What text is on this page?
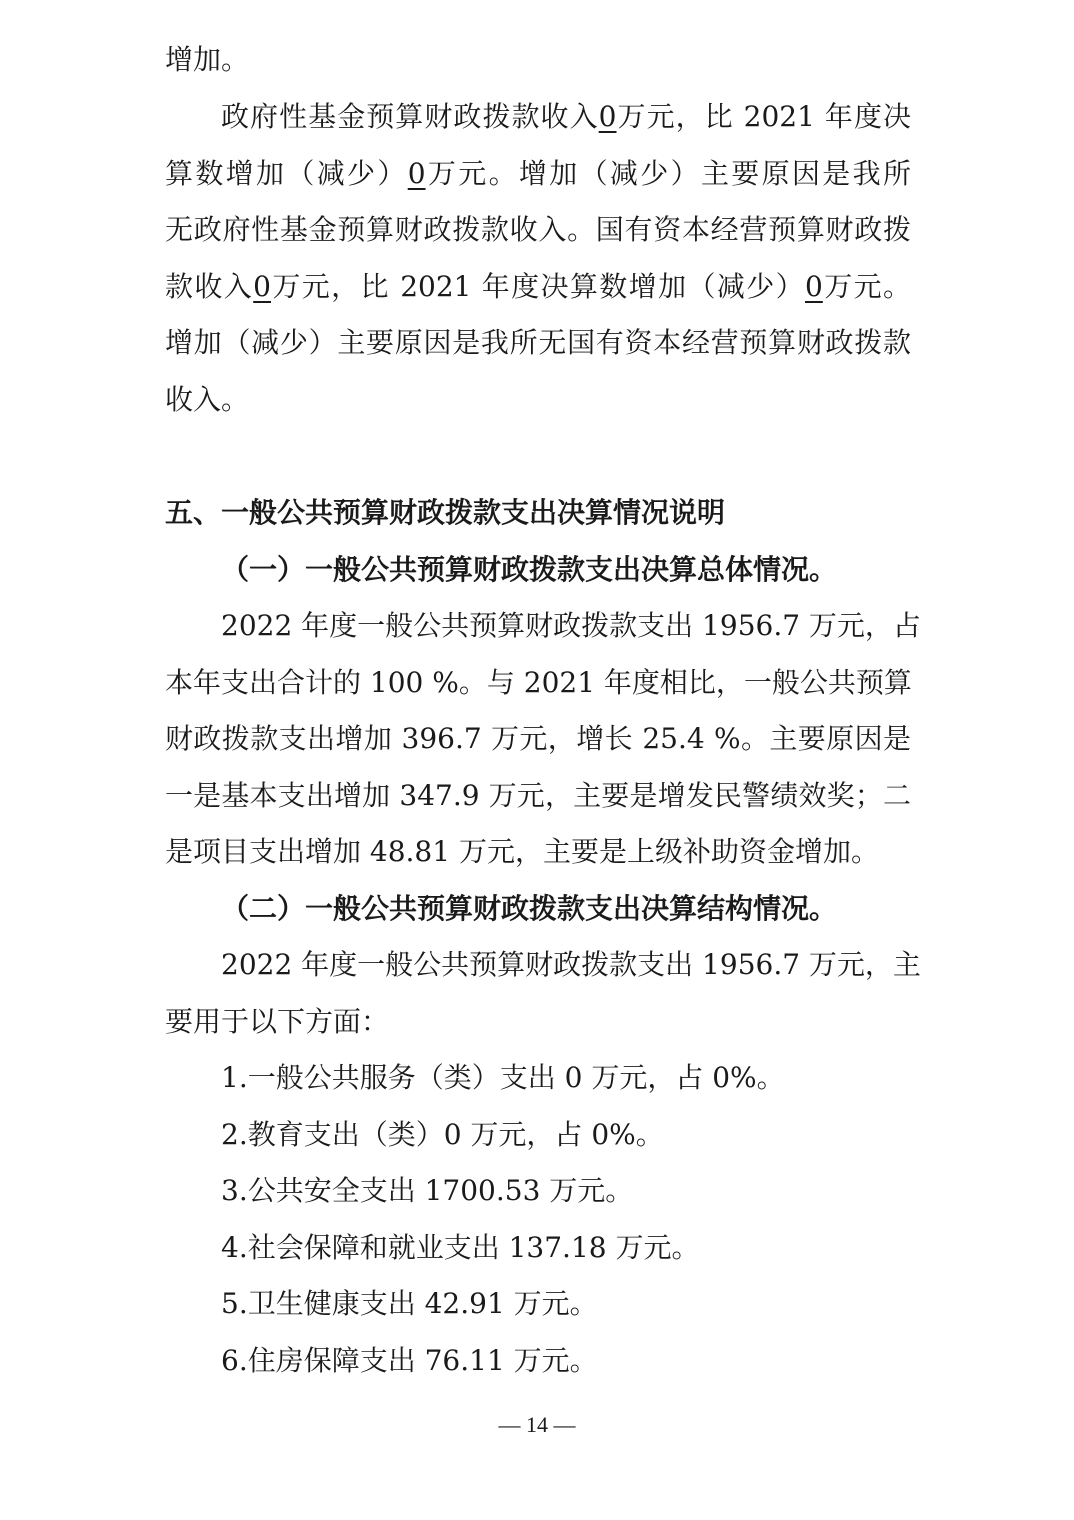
增加。

政府性基金预算财政拨款收入0万元，比 2021 年度决

算数增加（减少）0万元。增加（减少）主要原因是我所

无政府性基金预算财政拨款收入。国有资本经营预算财政拨

款收入0万元，比 2021 年度决算数增加（减少）0万元。

增加（减少）主要原因是我所无国有资本经营预算财政拨款

收入。

五、一般公共预算财政拨款支出决算情况说明
（一）一般公共预算财政拨款支出决算总体情况。

2022 年度一般公共预算财政拨款支出 1956.7 万元，占

本年支出合计的 100 %。与 2021 年度相比，一般公共预算

财政拨款支出增加 396.7 万元，增长 25.4 %。主要原因是

一是基本支出增加 347.9 万元，主要是增发民警绩效奖；二

是项目支出增加 48.81 万元，主要是上级补助资金增加。

（二）一般公共预算财政拨款支出决算结构情况。

2022 年度一般公共预算财政拨款支出 1956.7 万元，主

要用于以下方面：

1.一般公共服务（类）支出 0 万元，占 0%。

2.教育支出（类）0 万元，占 0%。

3.公共安全支出 1700.53 万元。

4.社会保障和就业支出 137.18 万元。

5.卫生健康支出 42.91 万元。

6.住房保障支出 76.11 万元。

— 14 —
